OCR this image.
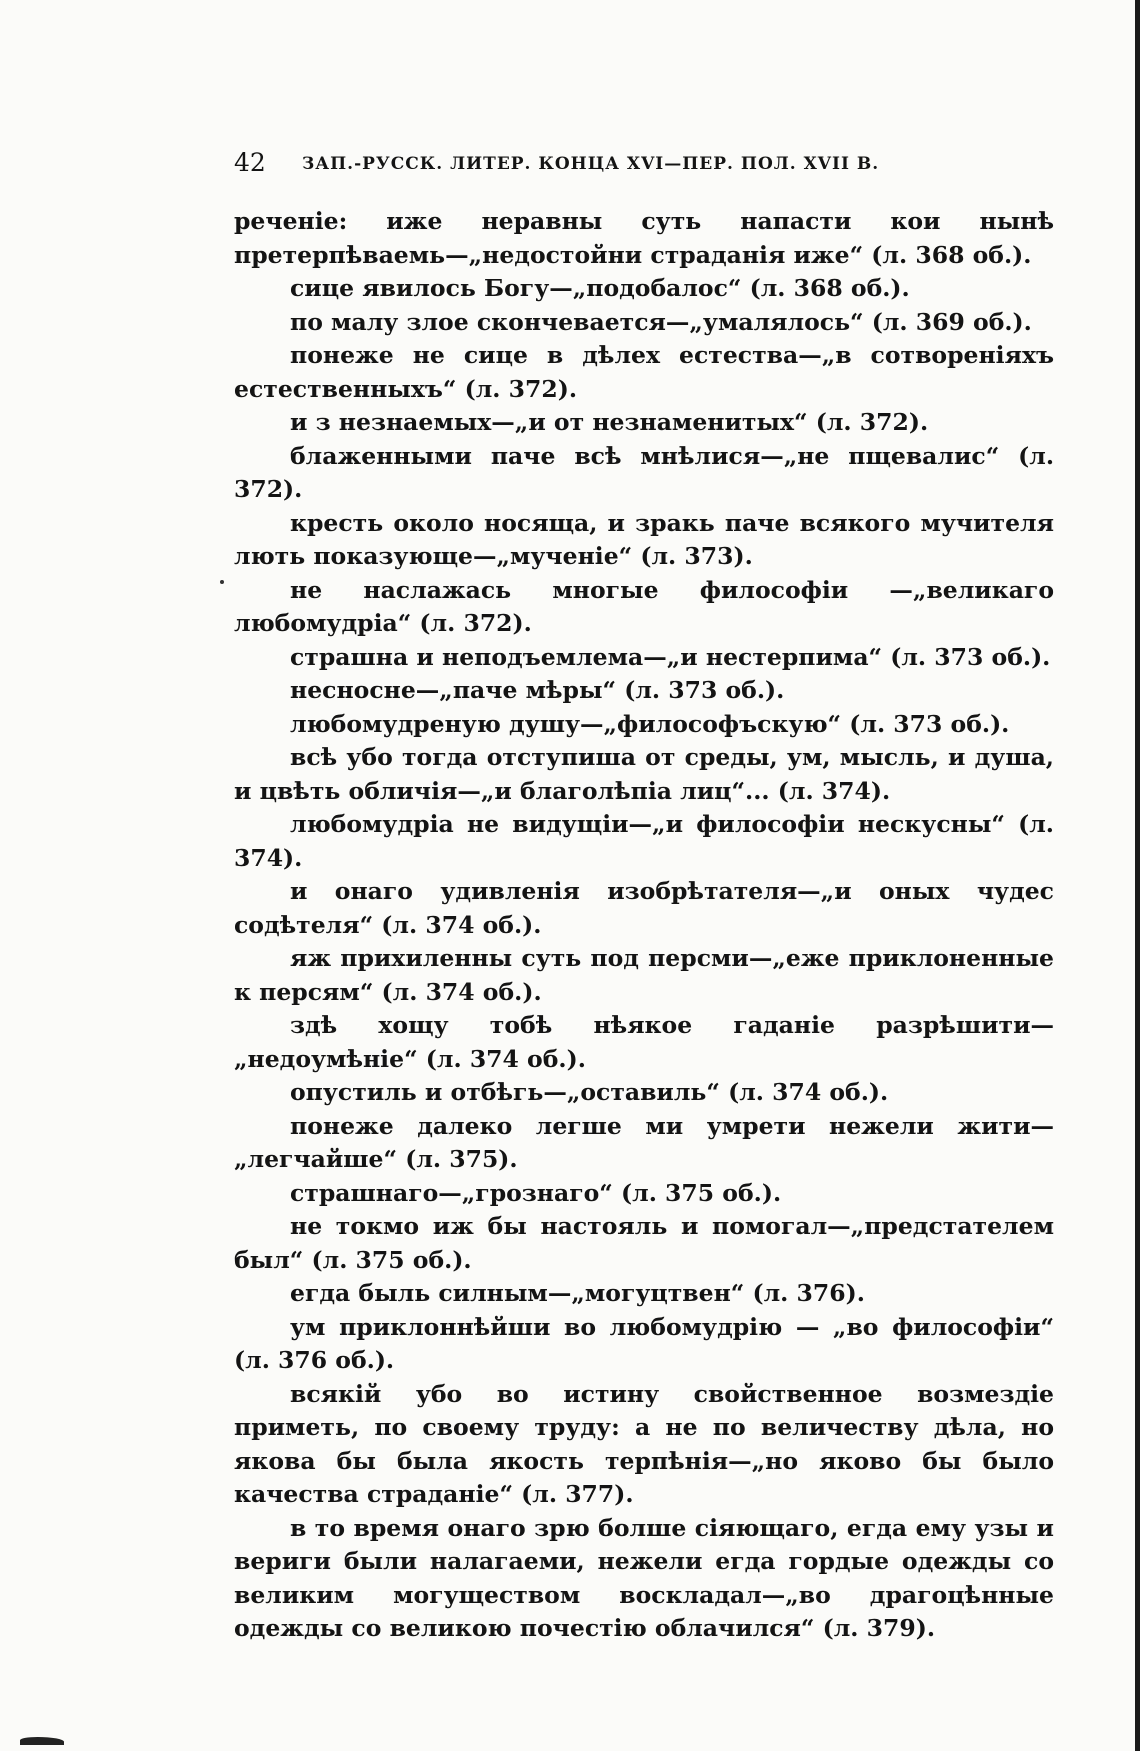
42 ЗАП.-РУССК. ЛИТЕР. КОНЦА XVI—ПЕР. ПОЛ. XVII В.

реченіе: иже неравны суть напасти кои нынѣ претерпѣваемь—„недостойни страданія иже“ (л. 368 об.).

сице явилось Богу—„подобалос“ (л. 368 об.).

по малу злое скончевается—„умалялось“ (л. 369 об.).

понеже не сице в дѣлех естества—„в сотвореніяхъ естественныхъ“ (л. 372).

и з незнаемых—„и от незнаменитых“ (л. 372).

блаженными паче всѣ мнѣлися—„не пщевалис“ (л. 372).

кресть около носяща, и зракь паче всякого мучителя лють показующе—„мученіе“ (л. 373).

не наслажась многые философіи —„великаго любомудріа“ (л. 372).

страшна и неподъемлема—„и нестерпима“ (л. 373 об.).

несносне—„паче мѣры“ (л. 373 об.).

любомудреную душу—„философъскую“ (л. 373 об.).

всѣ убо тогда отступиша от среды, ум, мысль, и душа, и цвѣть обличія—„и благолѣпіа лиц“... (л. 374).

любомудріа не видущіи—„и философіи нескусны“ (л. 374).

и онаго удивленія изобрѣтателя—„и оных чудес содѣтеля“ (л. 374 об.).

яж прихиленны суть под персми—„еже приклоненные к персям“ (л. 374 об.).

здѣ хощу тобѣ нѣякое гаданіе разрѣшити—„недоумѣніе“ (л. 374 об.).

опустиль и отбѣгь—„оставиль“ (л. 374 об.).

понеже далеко легше ми умрети нежели жити—„легчайше“ (л. 375).

страшнаго—„грознаго“ (л. 375 об.).

не токмо иж бы настояль и помогал—„предстателем был“ (л. 375 об.).

егда быль силным—„могуцтвен“ (л. 376).

ум приклоннѣйши во любомудрію — „во философіи“ (л. 376 об.).

всякій убо во истину свойственное возмездіе приметь, по своему труду: а не по величеству дѣла, но якова бы была якость терпѣнія—„но яково бы было качества страданіе“ (л. 377).

в то время онаго зрю болше сіяющаго, егда ему узы и вериги были налагаеми, нежели егда гордые одежды со великим могуществом воскладал—„во драгоцѣнные одежды со великою почестію облачился“ (л. 379).
